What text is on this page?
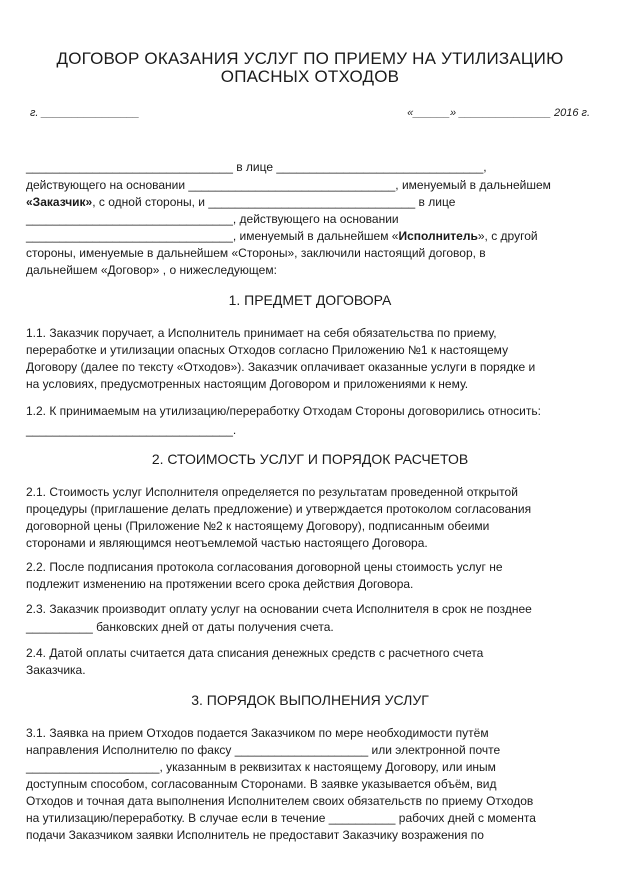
ДОГОВОР ОКАЗАНИЯ УСЛУГ ПО ПРИЕМУ НА УТИЛИЗАЦИЮ
ОПАСНЫХ ОТХОДОВ
г. ________________	«______» _______________ 2016 г.

_______________________________ в лице _______________________________,

действующего на основании _______________________________, именуемый в дальнейшем

«Заказчик», с одной стороны, и _______________________________ в лице

_______________________________, действующего на основании

_______________________________, именуемый в дальнейшем «Исполнитель», с другой

стороны, именуемые в дальнейшем «Стороны», заключили настоящий договор, в

дальнейшем «Договор» , о нижеследующем:

1. ПРЕДМЕТ ДОГОВОРА

1.1. Заказчик поручает, а Исполнитель принимает на себя обязательства по приему,

переработке и утилизации опасных Отходов согласно Приложению №1 к настоящему

Договору (далее по тексту «Отходов»). Заказчик оплачивает оказанные услуги в порядке и

на условиях, предусмотренных настоящим Договором и приложениями к нему.

1.2. К принимаемым на утилизацию/переработку Отходам Стороны договорились относить:

_______________________________.

2. СТОИМОСТЬ УСЛУГ И ПОРЯДОК РАСЧЕТОВ

2.1. Стоимость услуг Исполнителя определяется по результатам проведенной открытой

процедуры (приглашение делать предложение) и утверждается протоколом согласования

договорной цены (Приложение №2 к настоящему Договору), подписанным обеими

сторонами и являющимся неотъемлемой частью настоящего Договора.

2.2. После подписания протокола согласования договорной цены стоимость услуг не

подлежит изменению на протяжении всего срока действия Договора.

2.3. Заказчик производит оплату услуг на основании счета Исполнителя в срок не позднее

__________ банковских дней от даты получения счета.

2.4. Датой оплаты считается дата списания денежных средств с расчетного счета

Заказчика.

3. ПОРЯДОК ВЫПОЛНЕНИЯ УСЛУГ

3.1. Заявка на прием Отходов подается Заказчиком по мере необходимости путём

направления Исполнителю по факсу ____________________ или электронной почте

____________________, указанным в реквизитах к настоящему Договору, или иным

доступным способом, согласованным Сторонами. В заявке указывается объём, вид

Отходов и точная дата выполнения Исполнителем своих обязательств по приему Отходов

на утилизацию/переработку. В случае если в течение __________ рабочих дней с момента

подачи Заказчиком заявки Исполнитель не предоставит Заказчику возражения по
